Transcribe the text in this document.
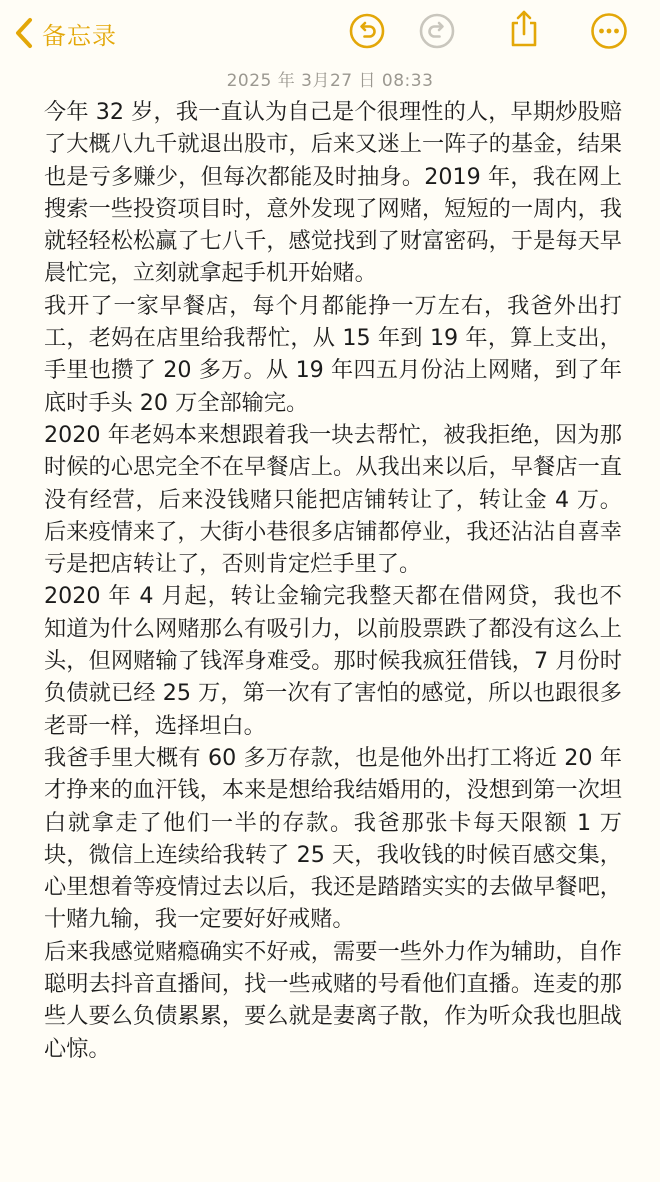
备忘录
2025 年 3月27 日 08:33

今年 32 岁，我一直认为自己是个很理性的人，早期炒股赔了大概八九千就退出股市，后来又迷上一阵子的基金，结果也是亏多赚少，但每次都能及时抽身。2019 年，我在网上搜索一些投资项目时，意外发现了网赌，短短的一周内，我就轻轻松松赢了七八千，感觉找到了财富密码，于是每天早晨忙完，立刻就拿起手机开始赌。

我开了一家早餐店，每个月都能挣一万左右，我爸外出打工，老妈在店里给我帮忙，从 15 年到 19 年，算上支出，手里也攒了 20 多万。从 19 年四五月份沾上网赌，到了年底时手头 20 万全部输完。

2020 年老妈本来想跟着我一块去帮忙，被我拒绝，因为那时候的心思完全不在早餐店上。从我出来以后，早餐店一直没有经营，后来没钱赌只能把店铺转让了，转让金 4 万。后来疫情来了，大街小巷很多店铺都停业，我还沾沾自喜幸亏是把店转让了，否则肯定烂手里了。

2020 年 4 月起，转让金输完我整天都在借网贷，我也不知道为什么网赌那么有吸引力，以前股票跌了都没有这么上头，但网赌输了钱浑身难受。那时候我疯狂借钱，7 月份时负债就已经 25 万，第一次有了害怕的感觉，所以也跟很多老哥一样，选择坦白。

我爸手里大概有 60 多万存款，也是他外出打工将近 20 年才挣来的血汗钱，本来是想给我结婚用的，没想到第一次坦白就拿走了他们一半的存款。我爸那张卡每天限额 1 万块，微信上连续给我转了 25 天，我收钱的时候百感交集，心里想着等疫情过去以后，我还是踏踏实实的去做早餐吧，十赌九输，我一定要好好戒赌。

后来我感觉赌瘾确实不好戒，需要一些外力作为辅助，自作聪明去抖音直播间，找一些戒赌的号看他们直播。连麦的那些人要么负债累累，要么就是妻离子散，作为听众我也胆战心惊。
